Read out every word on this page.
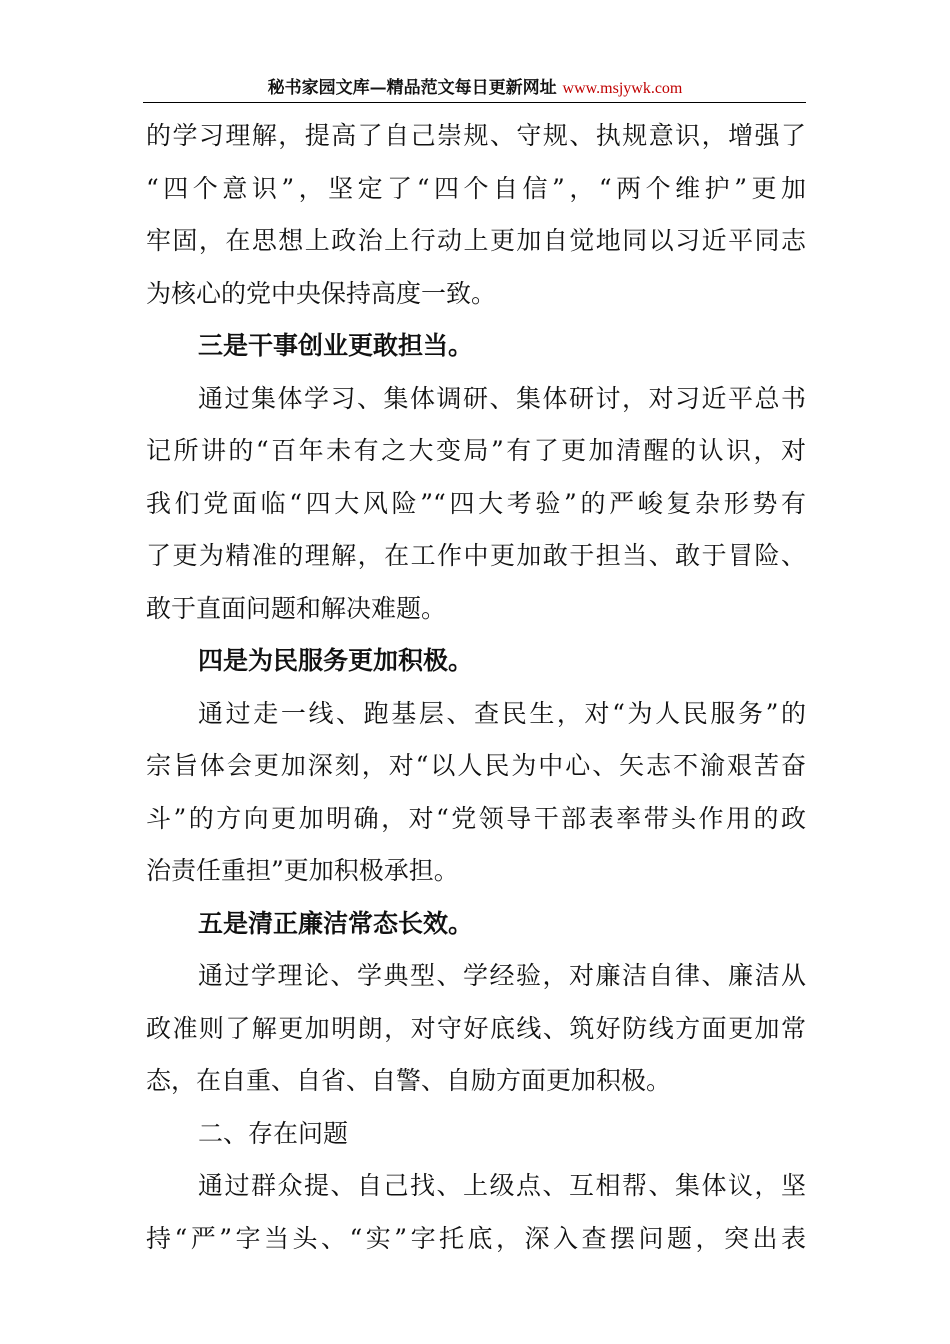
秘书家园文库—精品范文每日更新网址 www.msjywk.com
的学习理解，提高了自己崇规、守规、执规意识，增强了
“四个意识”，坚定了“四个自信”，“两个维护”更加
牢固，在思想上政治上行动上更加自觉地同以习近平同志
为核心的党中央保持高度一致。
三是干事创业更敢担当。
通过集体学习、集体调研、集体研讨，对习近平总书
记所讲的“百年未有之大变局”有了更加清醒的认识，对
我们党面临“四大风险”“四大考验”的严峻复杂形势有
了更为精准的理解，在工作中更加敢于担当、敢于冒险、
敢于直面问题和解决难题。
四是为民服务更加积极。
通过走一线、跑基层、查民生，对“为人民服务”的
宗旨体会更加深刻，对“以人民为中心、矢志不渝艰苦奋
斗”的方向更加明确，对“党领导干部表率带头作用的政
治责任重担”更加积极承担。
五是清正廉洁常态长效。
通过学理论、学典型、学经验，对廉洁自律、廉洁从
政准则了解更加明朗，对守好底线、筑好防线方面更加常
态，在自重、自省、自警、自励方面更加积极。
二、存在问题
通过群众提、自己找、上级点、互相帮、集体议，坚
持“严”字当头、“实”字托底，深入查摆问题，突出表
